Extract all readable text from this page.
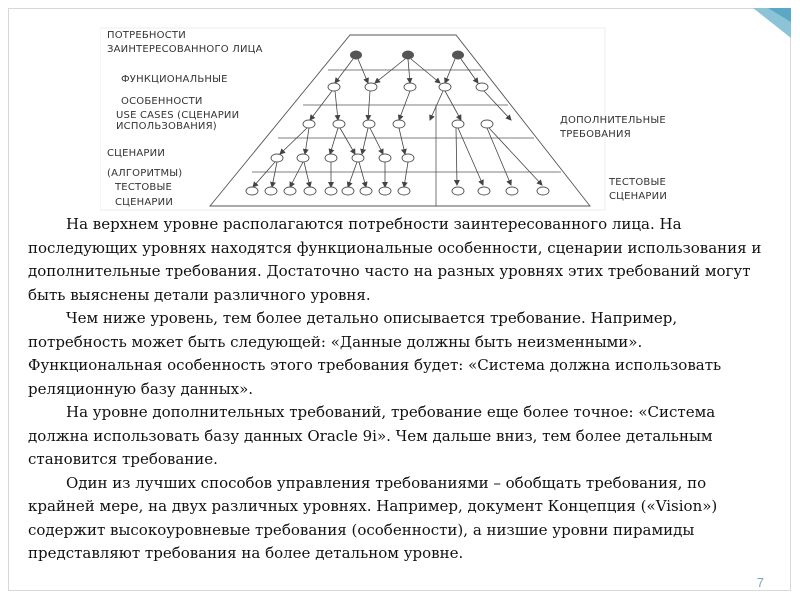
ПОТРЕБНОСТИ
ЗАИНТЕРЕСОВАННОГО ЛИЦА
ФУНКЦИОНАЛЬНЫЕ
ОСОБЕННОСТИ
USE CASES (СЦЕНАРИИ
ИСПОЛЬЗОВАНИЯ)
СЦЕНАРИИ
(АЛГОРИТМЫ)
ТЕСТОВЫЕ
СЦЕНАРИИ
ДОПОЛНИТЕЛЬНЫЕ
ТРЕБОВАНИЯ
ТЕСТОВЫЕ
СЦЕНАРИИ

На верхнем уровне располагаются потребности заинтересованного лица. На последующих уровнях находятся функциональные особенности, сценарии использования и дополнительные требования. Достаточно часто на разных уровнях этих требований могут быть выяснены детали различного уровня.

Чем ниже уровень, тем более детально описывается требование. Например, потребность может быть следующей: «Данные должны быть неизменными». Функциональная особенность этого требования будет: «Система должна использовать реляционную базу данных».

На уровне дополнительных требований, требование еще более точное: «Система должна использовать базу данных Oracle 9i». Чем дальше вниз, тем более детальным становится требование.

Один из лучших способов управления требованиями – обобщать требования, по крайней мере, на двух различных уровнях. Например, документ Концепция («Vision») содержит высокоуровневые требования (особенности), а низшие уровни пирамиды представляют требования на более детальном уровне.

7
